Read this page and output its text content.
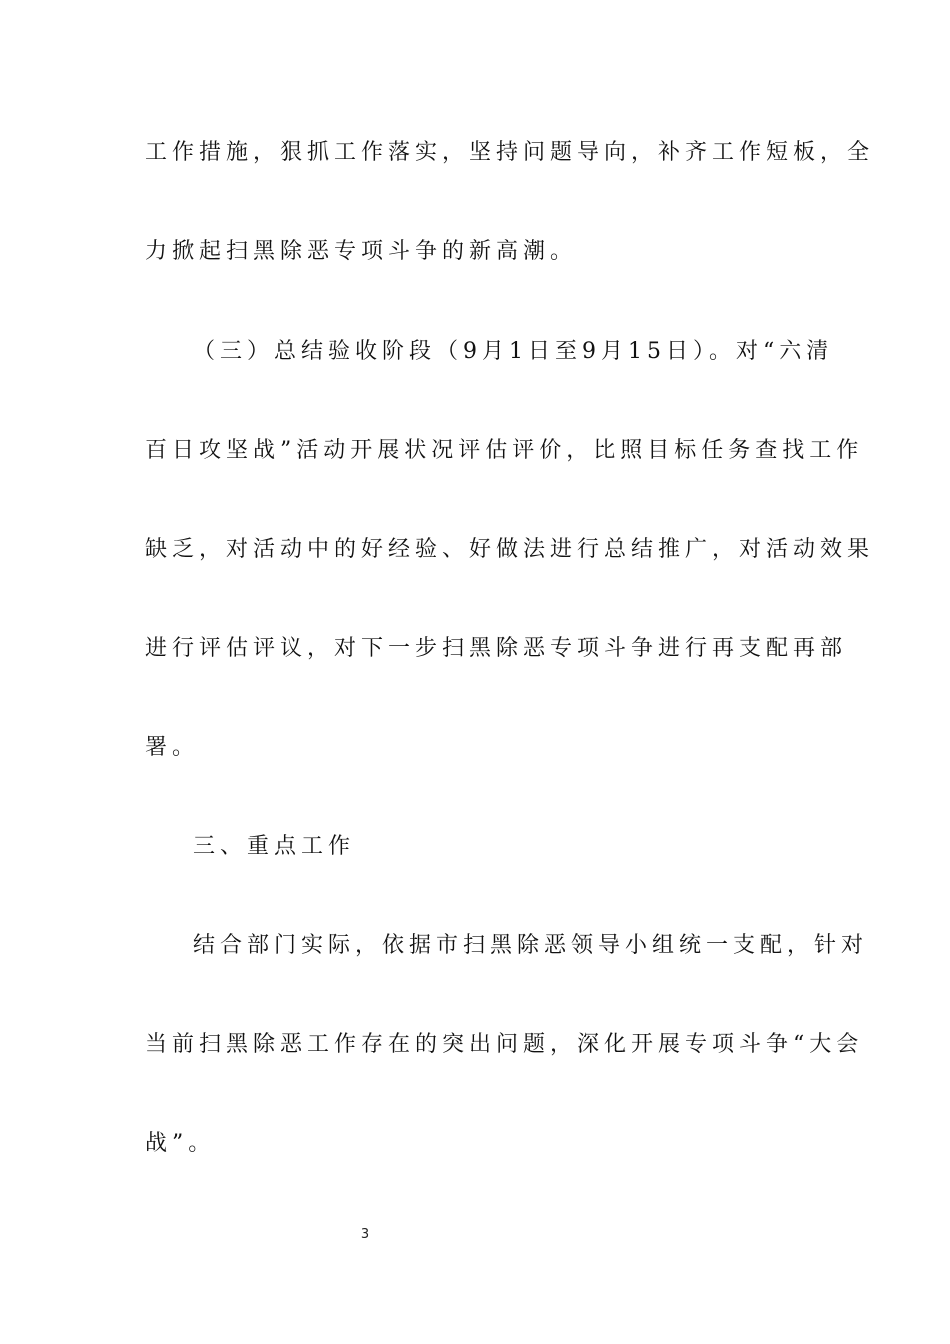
工作措施，狠抓工作落实，坚持问题导向，补齐工作短板，全
力掀起扫黑除恶专项斗争的新高潮。
（三）总结验收阶段（9月1日至9月15日）。对“六清
百日攻坚战”活动开展状况评估评价，比照目标任务查找工作
缺乏，对活动中的好经验、好做法进行总结推广，对活动效果
进行评估评议，对下一步扫黑除恶专项斗争进行再支配再部
署。
三、重点工作
结合部门实际，依据市扫黑除恶领导小组统一支配，针对
当前扫黑除恶工作存在的突出问题，深化开展专项斗争“大会
战”。
3
